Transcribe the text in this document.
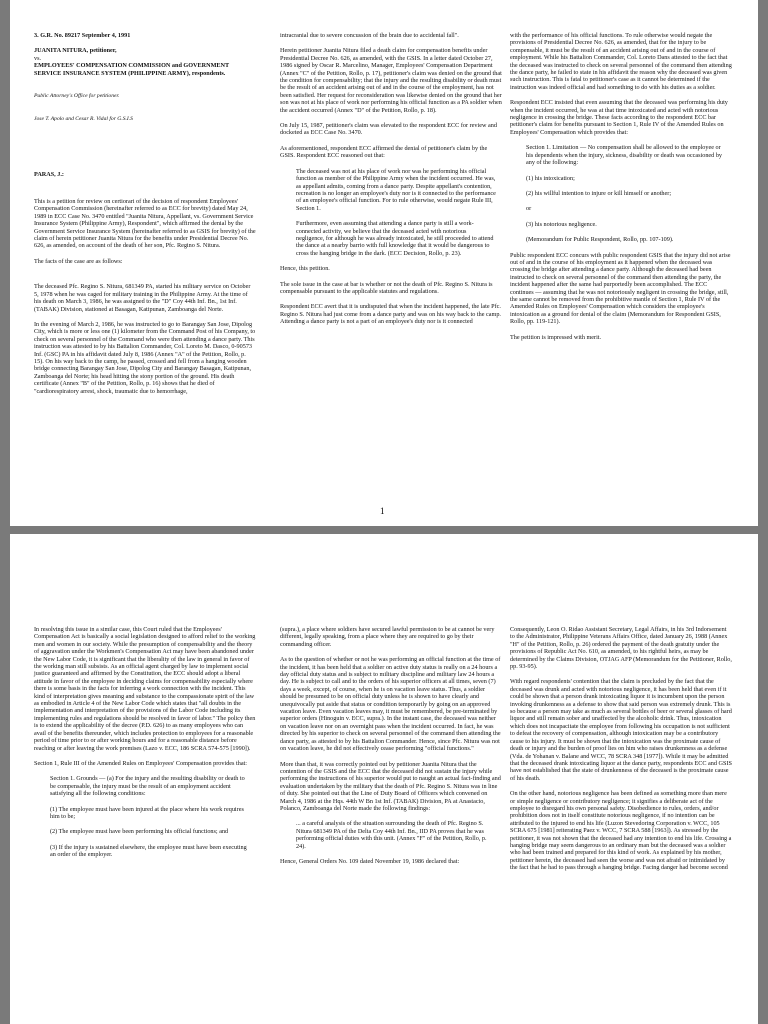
3. G.R. No. 89217 September 4, 1991

JUANITA NITURA, petitioner,

vs.

EMPLOYEES' COMPENSATION COMMISSION and GOVERNMENT SERVICE INSURANCE SYSTEM (PHILIPPINE ARMY), respondents.

Public Attorney's Office for petitioner.

Jose T. Apolo and Cesar R. Vidal for G.S.I.S

PARAS, J.:

This is a petition for review on certiorari of the decision of respondent Employees' Compensation Commission (hereinafter referred to as ECC for brevity) dated May 24, 1989 in ECC Case No. 3470 entitled "Juanita Nitura, Appellant, vs. Government Service Insurance System (Philippine Army), Respondent", which affirmed the denial by the Government Service Insurance System (hereinafter referred to as GSIS for brevity) of the claim of herein petitioner Juanita Nitura for the benefits under Presidential Decree No. 626, as amended, on account of the death of her son, Pfc. Regino S. Nitura.

The facts of the case are as follows:

The deceased Pfc. Regino S. Nitura, 681349 PA, started his military service on October 5, 1978 when he was caged for military training in the Philippine Army. At the time of his death on March 3, 1986, he was assigned to the "D" Coy 44th Inf. Bn., 1st Inf. (TABAK) Division, stationed at Basagan, Katipunan, Zamboanga del Norte.

In the evening of March 2, 1986, he was instructed to go to Barangay San Jose, Dipolog City, which is more or less one (1) kilometer from the Command Post of his Company, to check on several personnel of the Command who were then attending a dance party. This instruction was attested to by his Battalion Commander, Col. Loreto M. Dasco, 0-90573 Inf. (GSC) PA in his affidavit dated July 8, 1986 (Annex "A" of the Petition, Rollo, p. 15). On his way back to the camp, he passed, crossed and fell from a hanging wooden bridge connecting Barangay San Jose, Dipolog City and Barangay Basagan, Katipunan, Zamboanga del Norte; his head hitting the stony portion of the ground. His death certificate (Annex "B" of the Petition, Rollo, p. 16) shows that he died of "cardiorespiratory arrest, shock, traumatic due to hemorrhage,

intracranial due to severe concussion of the brain due to accidental fall".

Herein petitioner Juanita Nitura filed a death claim for compensation benefits under Presidential Decree No. 626, as amended, with the GSIS. In a letter dated October 27, 1986 signed by Oscar R. Marcelino, Manager, Employees' Compensation Department (Annex "C" of the Petition, Rollo, p. 17), petitioner's claim was denied on the ground that the condition for compensability; that the injury and the resulting disability or death must be the result of an accident arising out of and in the course of the employment, has not been satisfied. Her request for reconsideration was likewise denied on the ground that her son was not at his place of work nor performing his official function as a PA soldier when the accident occurred (Annex "D" of the Petition, Rollo, p. 18).

On July 15, 1987, petitioner's claim was elevated to the respondent ECC for review and docketed as ECC Case No. 3470.

As aforementioned, respondent ECC affirmed the denial of petitioner's claim by the GSIS. Respondent ECC reasoned out that:

The deceased was not at his place of work nor was he performing his official function as member of the Philippine Army when the incident occurred. He was, as appellant admits, coming from a dance party. Despite appellant's contention, recreation is no longer an employee's duty nor is it connected to the performance of an employee's official function. For to rule otherwise, would negate Rule III, Section 1.

Furthermore, even assuming that attending a dance party is still a work-connected activity, we believe that the deceased acted with notorious negligence, for although he was already intoxicated, he still proceeded to attend the dance at a nearby barrio with full knowledge that it would be dangerous to cross the hanging bridge in the dark. (ECC Decision, Rollo, p. 23).

Hence, this petition.

The sole issue in the case at bar is whether or not the death of Pfc. Regino S. Nitura is compensable pursuant to the applicable statutes and regulations.

Respondent ECC avert that it is undisputed that when the incident happened, the late Pfc. Regino S. Nitura had just come from a dance party and was on his way back to the camp. Attending a dance party is not a part of an employee's duty nor is it connected

with the performance of his official functions. To rule otherwise would negate the provisions of Presidential Decree No. 626, as amended, that for the injury to be compensable, it must be the result of an accident arising out of and in the course of employment. While his Battalion Commander, Col. Loreto Dans attested to the fact that the deceased was instructed to check on several personnel of the command then attending the dance party, he failed to state in his affidavit the reason why the deceased was given such instruction. This is fatal to petitioner's case as it cannot be determined if the instruction was indeed official and had something to do with his duties as a soldier.

Respondent ECC insisted that even assuming that the deceased was performing his duty when the incident occurred, he was at that time intoxicated and acted with notorious negligence in crossing the bridge. These facts according to the respondent ECC bar petitioner's claim for benefits pursuant to Section 1, Rule IV of the Amended Rules on Employees' Compensation which provides that:

Section 1. Limitation — No compensation shall be allowed to the employee or his dependents when the injury, sickness, disability or death was occasioned by any of the following:

(1) his intoxication;

(2) his willful intention to injure or kill himself or another;

or

(3) his notorious negligence.

(Memorandum for Public Respondent, Rollo, pp. 107-109).

Public respondent ECC concurs with public respondent GSIS that the injury did not arise out of and in the course of his employment as it happened when the deceased was crossing the bridge after attending a dance party. Although the deceased had been instructed to check on several personnel of the command then attending the party, the incident happened after the same had purportedly been accomplished. The ECC continues — assuming that he was not notoriously negligent in crossing the bridge, still, the same cannot be removed from the prohibitive mantle of Section 1, Rule IV of the Amended Rules on Employees' Compensation which considers the employee's intoxication as a ground for denial of the claim (Memorandum for Respondent GSIS, Rollo, pp. 119-121).

The petition is impressed with merit.

1

In resolving this issue in a similar case, this Court ruled that the Employees' Compensation Act is basically a social legislation designed to afford relief to the working men and women in our society. While the presumption of compensability and the theory of aggravation under the Workmen's Compensation Act may have been abandoned under the New Labor Code, it is significant that the liberality of the law in general in favor of the working man still subsists. As an official agent charged by law to implement social justice guaranteed and affirmed by the Constitution, the ECC should adopt a liberal attitude in favor of the employee in deciding claims for compensability especially where there is some basis in the facts for inferring a work connection with the incident. This kind of interpretation gives meaning and substance to the compassionate spirit of the law as embodied in Article 4 of the New Labor Code which states that "all doubts in the implementation and interpretation of the provisions of the Labor Code including its implementing rules and regulations should be resolved in favor of labor." The policy then is to extend the applicability of the decree (P.D. 626) to as many employees who can avail of the benefits thereunder, which includes protection to employees for a reasonable period of time prior to or after working hours and for a reasonable distance before reaching or after leaving the work premises (Lazo v. ECC, 186 SCRA 574-575 [1990]).

Section 1, Rule III of the Amended Rules on Employees' Compensation provides that:

Section 1. Grounds — (a) For the injury and the resulting disability or death to be compensable, the injury must be the result of an employment accident satisfying all the following conditions:

(1) The employee must have been injured at the place where his work requires him to be;

(2) The employee must have been performing his official functions; and

(3) If the injury is sustained elsewhere, the employee must have been executing an order of the employer.

(supra.), a place where soldiers have secured lawful permission to be at cannot be very different, legally speaking, from a place where they are required to go by their commanding officer.

As to the question of whether or not he was performing an official function at the time of the incident, it has been held that a soldier on active duty status is really on a 24 hours a day official duty status and is subject to military discipline and military law 24 hours a day. He is subject to call and to the orders of his superior officers at all times, seven (7) days a week, except, of course, when he is on vacation leave status. Thus, a soldier should be presumed to be on official duty unless he is shown to have clearly and unequivocally put aside that status or condition temporarily by going on an approved vacation leave. Even vacation leaves may, it must be remembered, be pre-terminated by superior orders (Hinoguin v. ECC, supra.). In the instant case, the deceased was neither on vacation leave nor on an overnight pass when the incident occurred. In fact, he was directed by his superior to check on several personnel of the command then attending the dance party, as attested to by his Battalion Commander. Hence, since Pfc. Nitura was not on vacation leave, he did not effectively cease performing "official functions."

More than that, it was correctly pointed out by petitioner Juanita Nitura that the contention of the GSIS and the ECC that the deceased did not sustain the injury while performing the instructions of his superior would put to naught an actual fact-finding and evaluation undertaken by the military that the death of Pfc. Regino S. Nitura was in line of duty. She pointed out that the Line of Duty Board of Officers which convened on March 4, 1986 at the Hqs. 44th W Bn 1st Inf. (TABAK) Division, PA at Anastacio, Polanco, Zamboanga del Norte made the following findings:

... a careful analysis of the situation surrounding the death of Pfc. Regino S. Nitura 681349 PA of the Delta Coy 44th Inf. Bn., IID PA proves that he was performing official duties with this unit. (Annex "F" of the Petition, Rollo, p. 24).

Hence, General Orders No. 109 dated November 19, 1986 declared that:

Consequently, Leon O. Ridao Assistant Secretary, Legal Affairs, in his 3rd Indorsement to the Administrator, Philippine Veterans Affairs Office, dated January 26, 1988 (Annex "H" of the Petition, Rollo, p. 26) ordered the payment of the death gratuity under the provisions of Republic Act No. 610, as amended, to his rightful heirs, as may be determined by the Claims Division, OTJAG AFP (Memorandum for the Petitioner, Rollo, pp. 93-95).

With regard respondents' contention that the claim is precluded by the fact that the deceased was drunk and acted with notorious negligence, it has been held that even if it could be shown that a person drank intoxicating liquor it is incumbent upon the person invoking drunkenness as a defense to show that said person was extremely drunk. This is so because a person may take as much as several bottles of beer or several glasses of hard liquor and still remain sober and unaffected by the alcoholic drink. Thus, intoxication which does not incapacitate the employee from following his occupation is not sufficient to defeat the recovery of compensation, although intoxication may be a contributory cause to his injury. It must be shown that the intoxication was the proximate cause of death or injury and the burden of proof lies on him who raises drunkenness as a defense (Vda. de Yohanan v. Balane and WCC, 78 SCRA 348 [1977]). While it may be admitted that the deceased drank intoxicating liquor at the dance party, respondents ECC and GSIS have not established that the state of drunkenness of the deceased is the proximate cause of his death.

On the other hand, notorious negligence has been defined as something more than mere or simple negligence or contributory negligence; it signifies a deliberate act of the employee to disregard his own personal safety. Disobedience to rules, orders, and/or prohibition does not in itself constitute notorious negligence, if no intention can be attributed to the injured to end his life (Luzon Stevedoring Corporation v. WCC, 105 SCRA 675 [1981] reiterating Paez v. WCC, 7 SCRA 588 [1963]). As stressed by the petitioner, it was not shown that the deceased had any intention to end his life. Crossing a hanging bridge may seem dangerous to an ordinary man but the deceased was a soldier who had been trained and prepared for this kind of work. As explained by his mother, petitioner herein, the deceased had seen the worse and was not afraid or intimidated by the fact that he had to pass through a hanging bridge. Facing danger had become second
